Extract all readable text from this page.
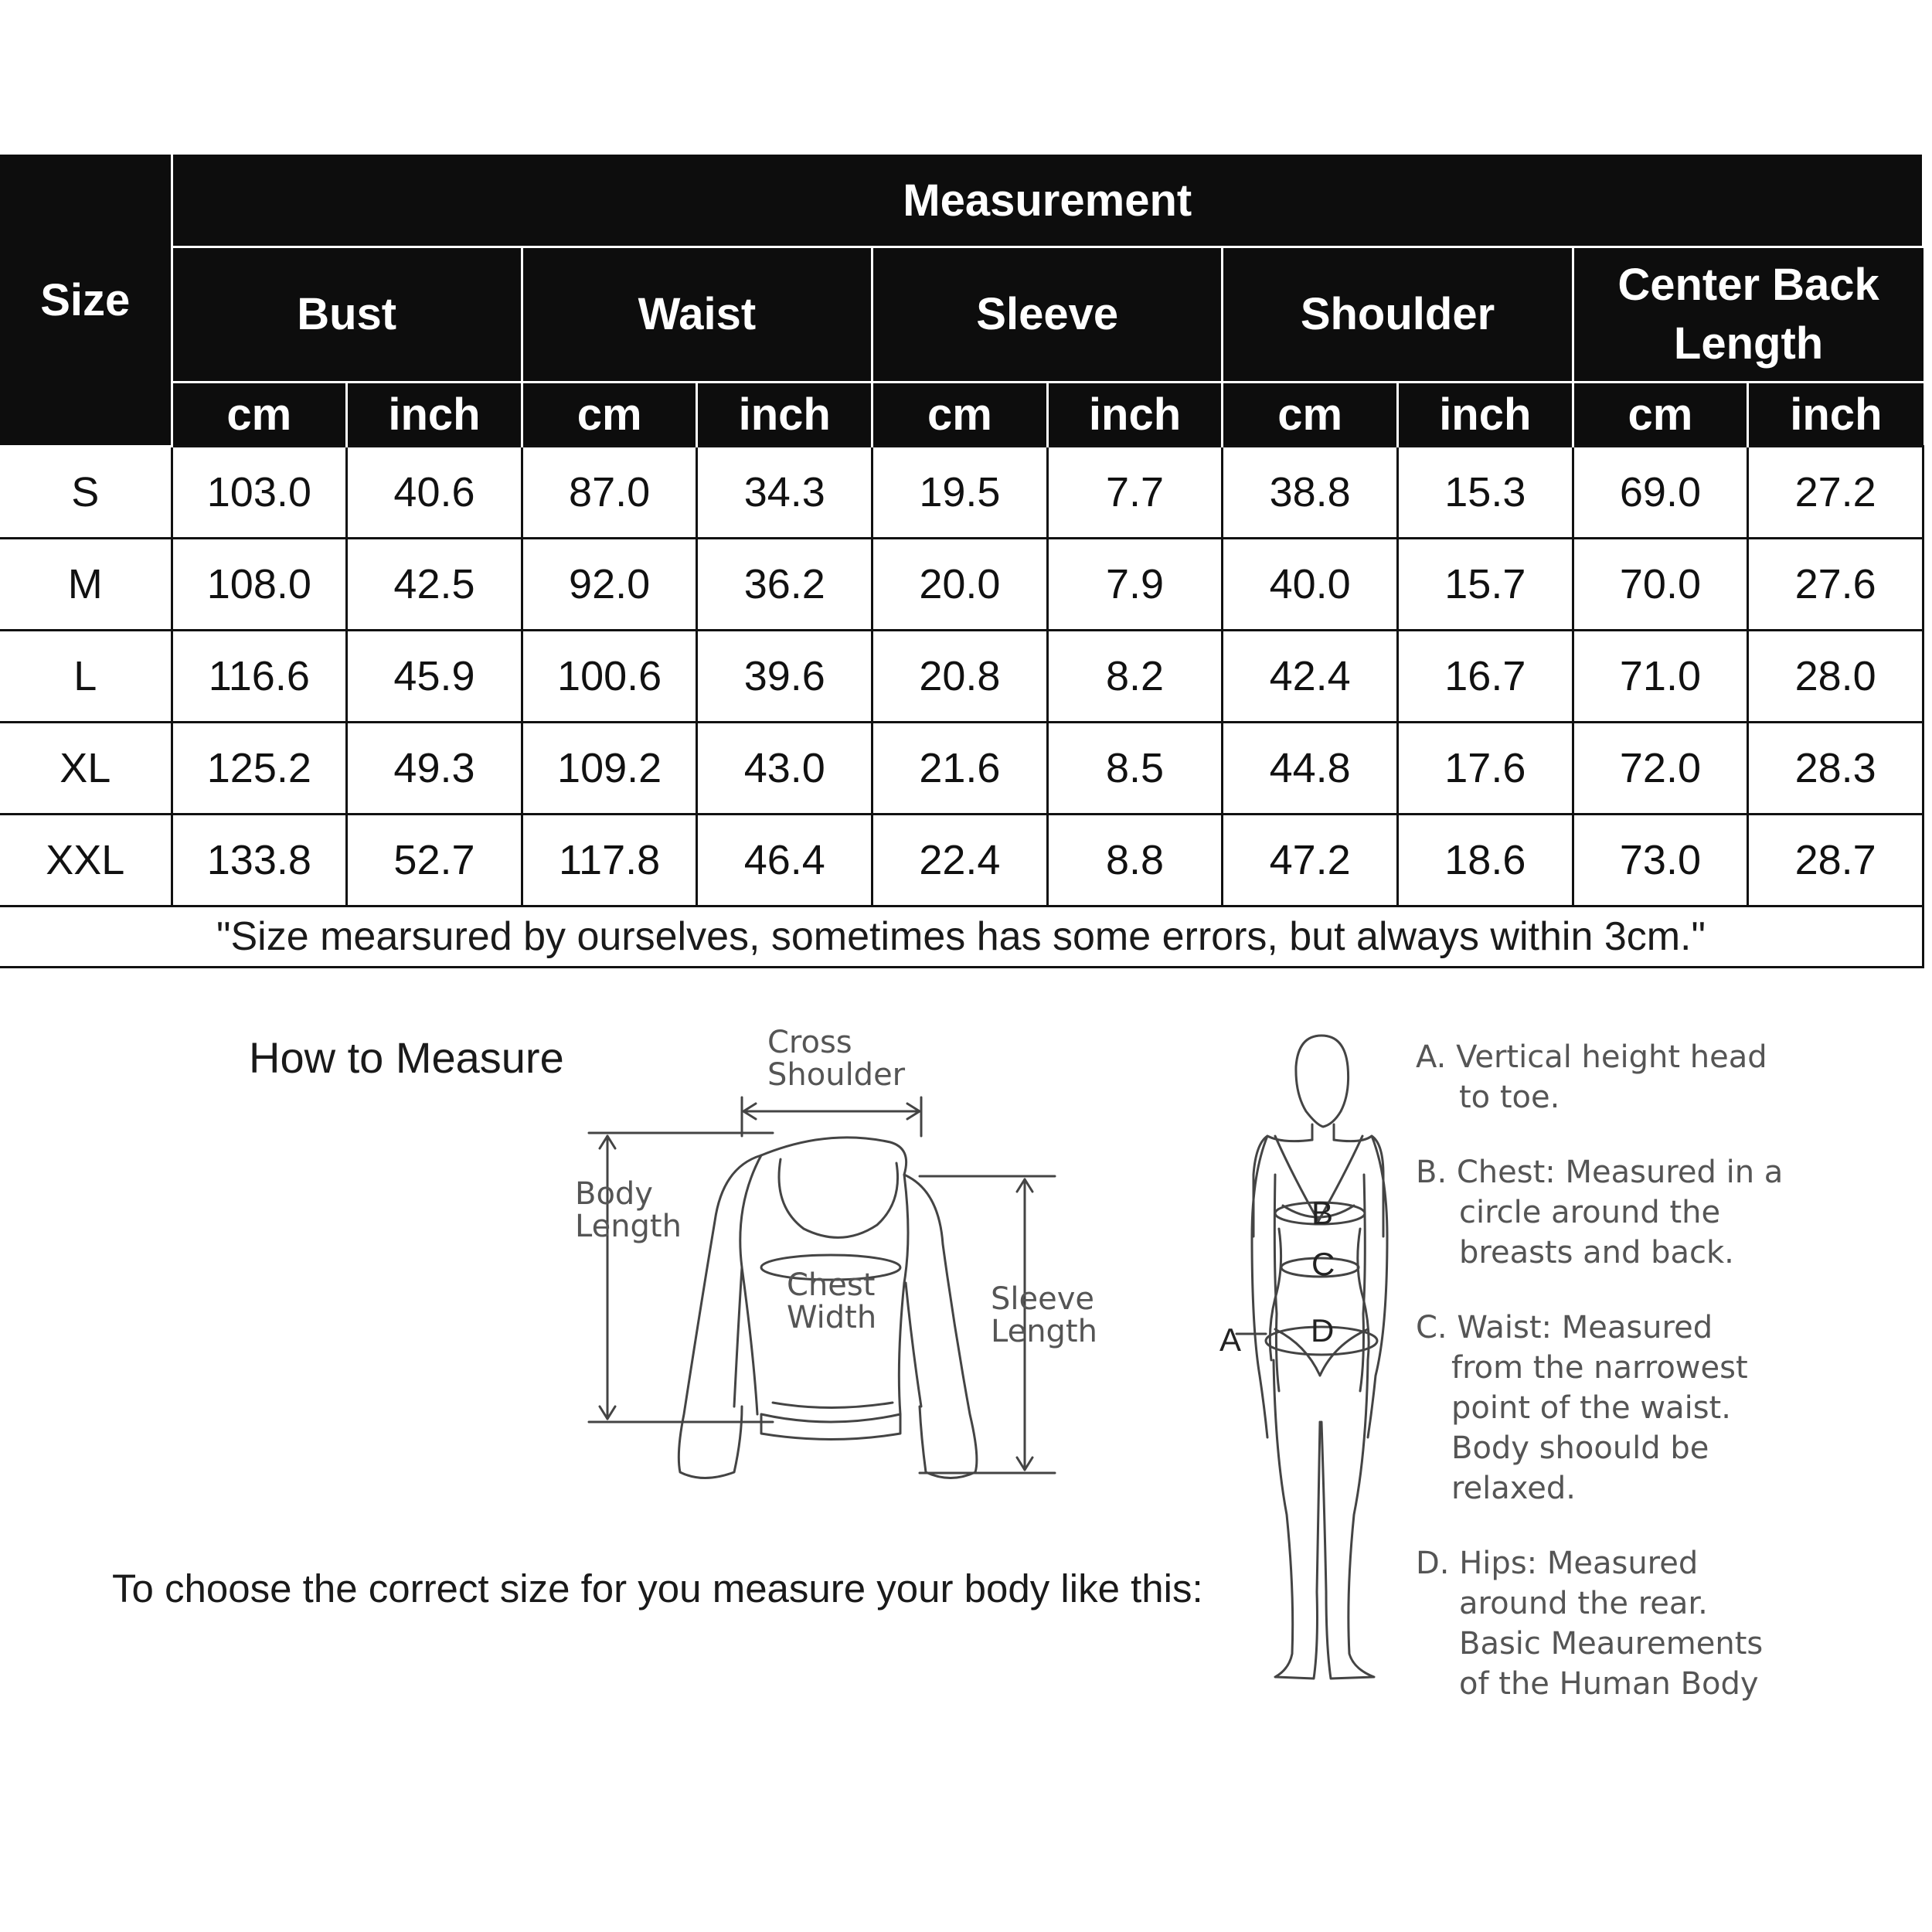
Size	Measurement									
	Bust		Waist		Sleeve		Shoulder		Center Back Length	
	cm	inch	cm	inch	cm	inch	cm	inch	cm	inch
S	103.0	40.6	87.0	34.3	19.5	7.7	38.8	15.3	69.0	27.2
M	108.0	42.5	92.0	36.2	20.0	7.9	40.0	15.7	70.0	27.6
L	116.6	45.9	100.6	39.6	20.8	8.2	42.4	16.7	71.0	28.0
XL	125.2	49.3	109.2	43.0	21.6	8.5	44.8	17.6	72.0	28.3
XXL	133.8	52.7	117.8	46.4	22.4	8.8	47.2	18.6	73.0	28.7
"Size mearsured by ourselves, sometimes has some errors, but always within 3cm."										
How to Measure
To choose the correct size for you measure your body like this:
Cross
Shoulder
Body
Length
Chest
Width
Sleeve
Length
B
C
D
A
A. Vertical height head
to toe.
B. Chest: Measured in a
circle around the
breasts and back.
C. Waist: Measured
from the narrowest
point of the waist.
Body shoould be
relaxed.
D. Hips: Measured
around the rear.
Basic Meaurements
of the Human Body
